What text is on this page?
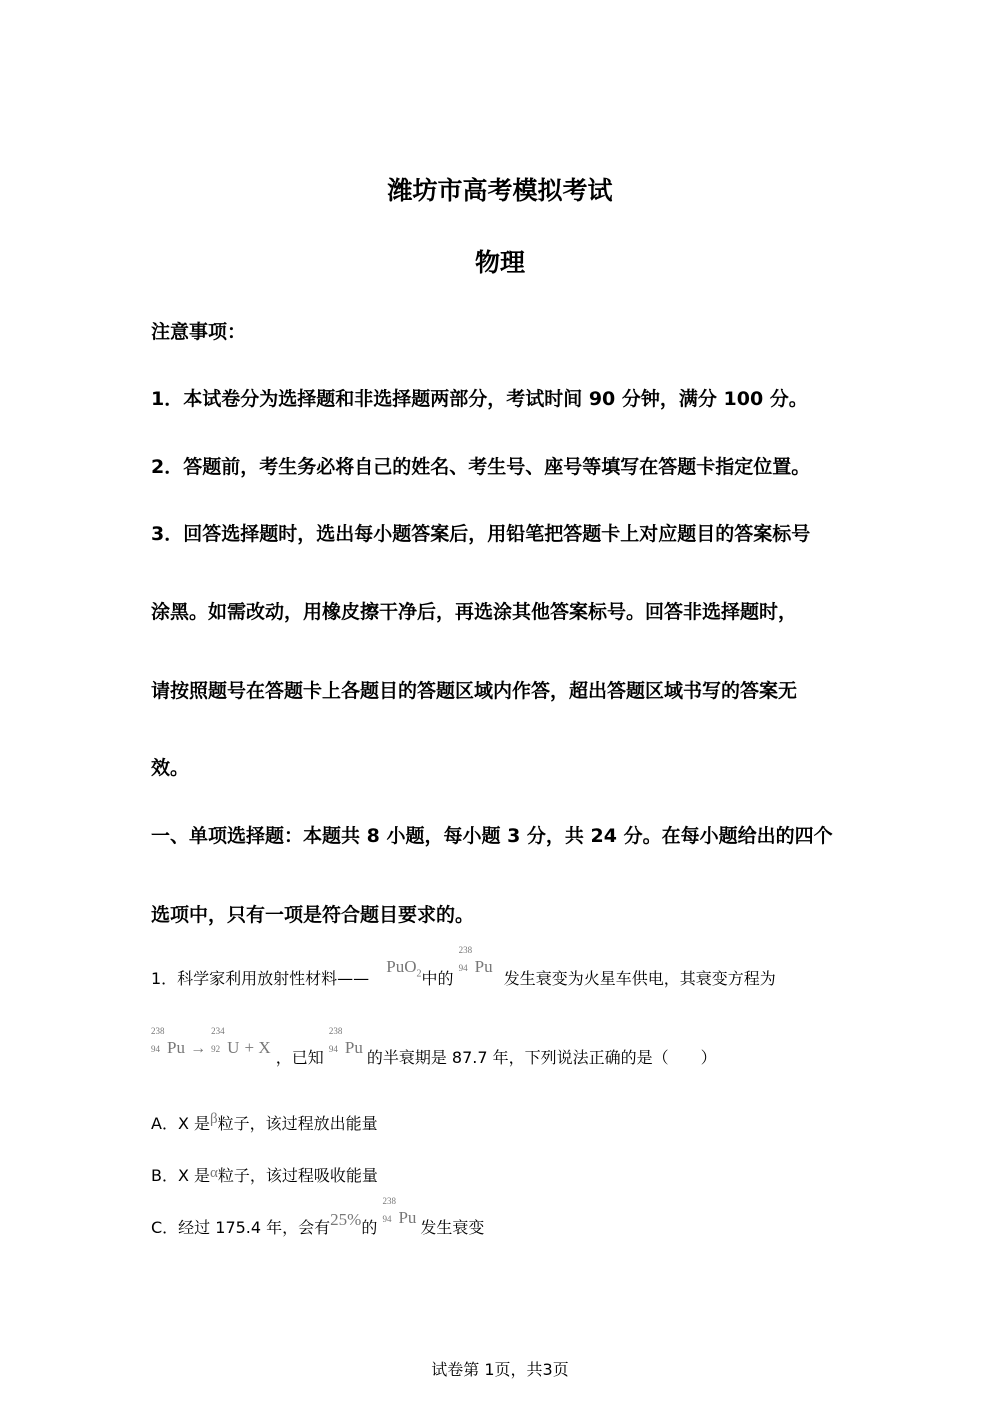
潍坊市高考模拟考试
物理
注意事项：
1．本试卷分为选择题和非选择题两部分，考试时间 90 分钟，满分 100 分。
2．答题前，考生务必将自己的姓名、考生号、座号等填写在答题卡指定位置。
3．回答选择题时，选出每小题答案后，用铅笔把答题卡上对应题目的答案标号
涂黑。如需改动，用橡皮擦干净后，再选涂其他答案标号。回答非选择题时，
请按照题号在答题卡上各题目的答题区域内作答，超出答题区域书写的答案无
效。
一、单项选择题：本题共 8 小题，每小题 3 分，共 24 分。在每小题给出的四个
选项中，只有一项是符合题目要求的。
1．科学家利用放射性材料—— PuO$_2$中的
238
94 Pu 发生衰变为火星车供电，其衰变方程为
238
94 Pu →
234
92 U + X ，已知
238
94 Pu的半衰期是 87.7 年，下列说法正确的是（　　）
A．X 是β粒子，该过程放出能量
B．X 是α粒子，该过程吸收能量
C．经过 175.4 年，会有25%的
238
94 Pu发生衰变
试卷第 1页，共3页
